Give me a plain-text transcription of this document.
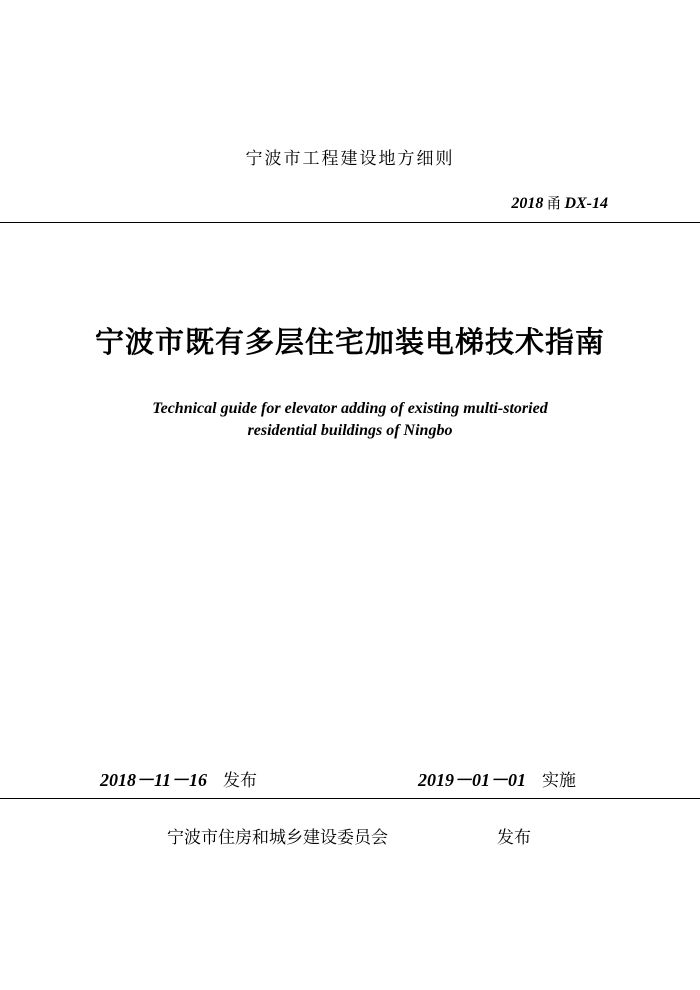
宁波市工程建设地方细则
2018 甬 DX-14
宁波市既有多层住宅加装电梯技术指南
Technical guide for elevator adding of existing multi-storied
residential buildings of Ningbo
2018－11－16 发布	2019－01－01 实施
宁波市住房和城乡建设委员会	发布
